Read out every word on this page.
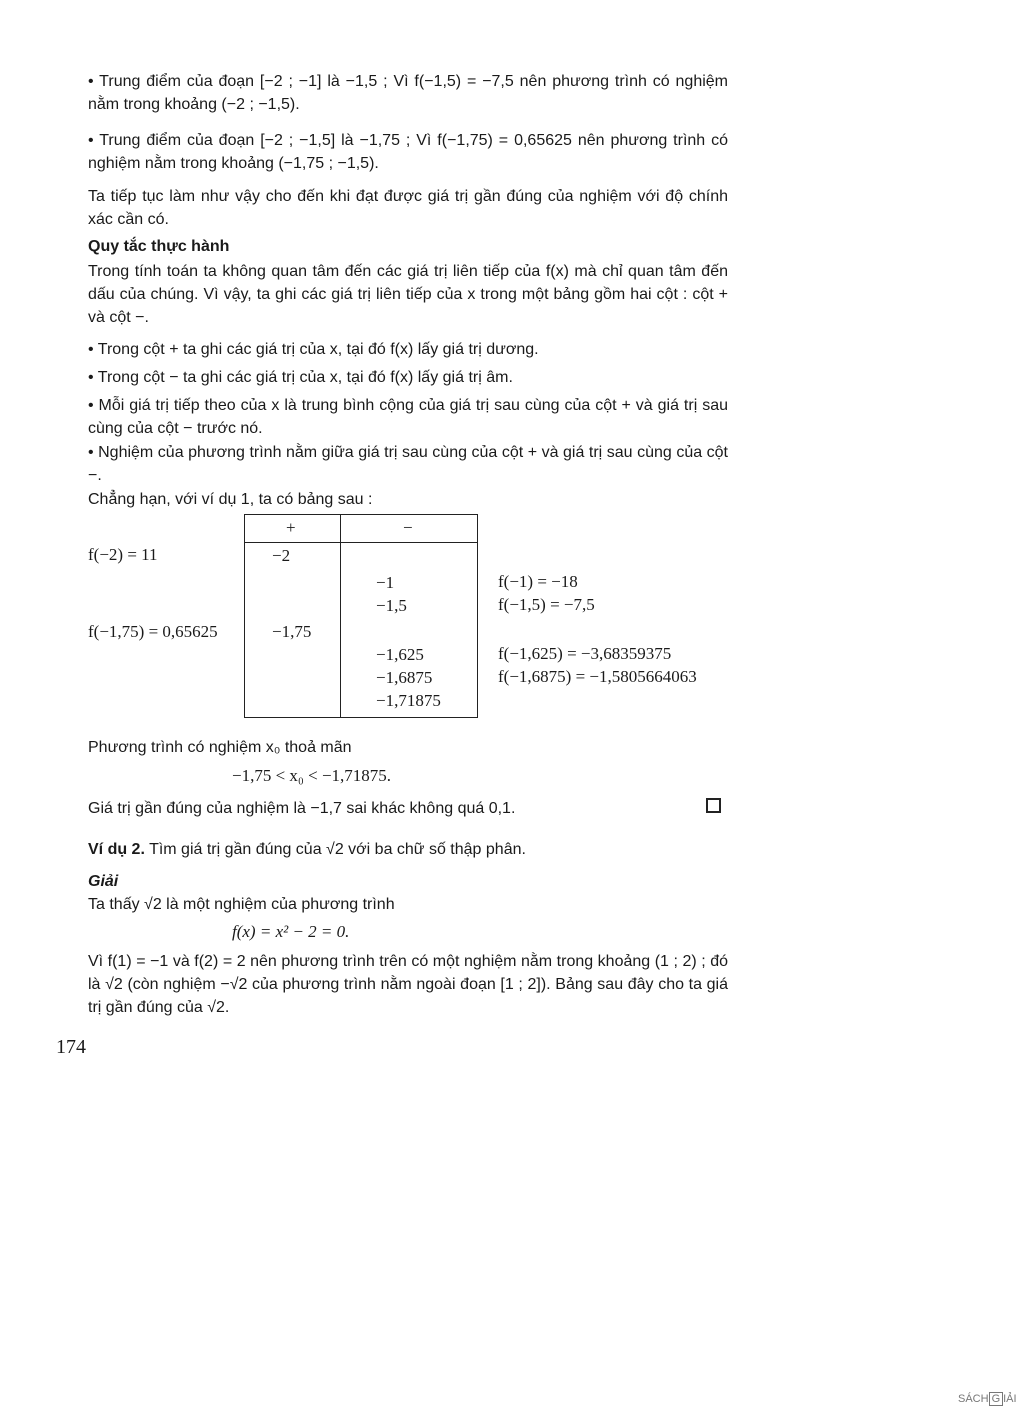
• Trung điểm của đoạn [−2 ; −1] là −1,5 ; Vì f(−1,5) = −7,5 nên phương trình có nghiệm nằm trong khoảng (−2 ; −1,5).

• Trung điểm của đoạn [−2 ; −1,5] là −1,75 ; Vì f(−1,75) = 0,65625 nên phương trình có nghiệm nằm trong khoảng (−1,75 ; −1,5).

Ta tiếp tục làm như vậy cho đến khi đạt được giá trị gần đúng của nghiệm với độ chính xác cần có.

Quy tắc thực hành

Trong tính toán ta không quan tâm đến các giá trị liên tiếp của f(x) mà chỉ quan tâm đến dấu của chúng. Vì vậy, ta ghi các giá trị liên tiếp của x trong một bảng gồm hai cột : cột + và cột −.

• Trong cột + ta ghi các giá trị của x, tại đó f(x) lấy giá trị dương.

• Trong cột − ta ghi các giá trị của x, tại đó f(x) lấy giá trị âm.

• Mỗi giá trị tiếp theo của x là trung bình cộng của giá trị sau cùng của cột + và giá trị sau cùng của cột − trước nó.

• Nghiệm của phương trình nằm giữa giá trị sau cùng của cột + và giá trị sau cùng của cột −.

Chẳng hạn, với ví dụ 1, ta có bảng sau :

f(−2) = 11

f(−1,75) = 0,65625

+	−
−2
−1,75
−1
−1,5
−1,625
−1,6875
−1,71875

f(−1) = −18

f(−1,5) = −7,5

f(−1,625) = −3,68359375

f(−1,6875) = −1,5805664063

Phương trình có nghiệm x₀ thoả mãn

−1,75 < x₀ < −1,71875.

Giá trị gần đúng của nghiệm là −1,7 sai khác không quá 0,1.

Ví dụ 2. Tìm giá trị gần đúng của √2 với ba chữ số thập phân.

Giải

Ta thấy √2 là một nghiệm của phương trình

f(x) = x² − 2 = 0.

Vì f(1) = −1 và f(2) = 2 nên phương trình trên có một nghiệm nằm trong khoảng (1 ; 2) ; đó là √2 (còn nghiệm −√2 của phương trình nằm ngoài đoạn [1 ; 2]). Bảng sau đây cho ta giá trị gần đúng của √2.

174
SÁCH G IẢI
